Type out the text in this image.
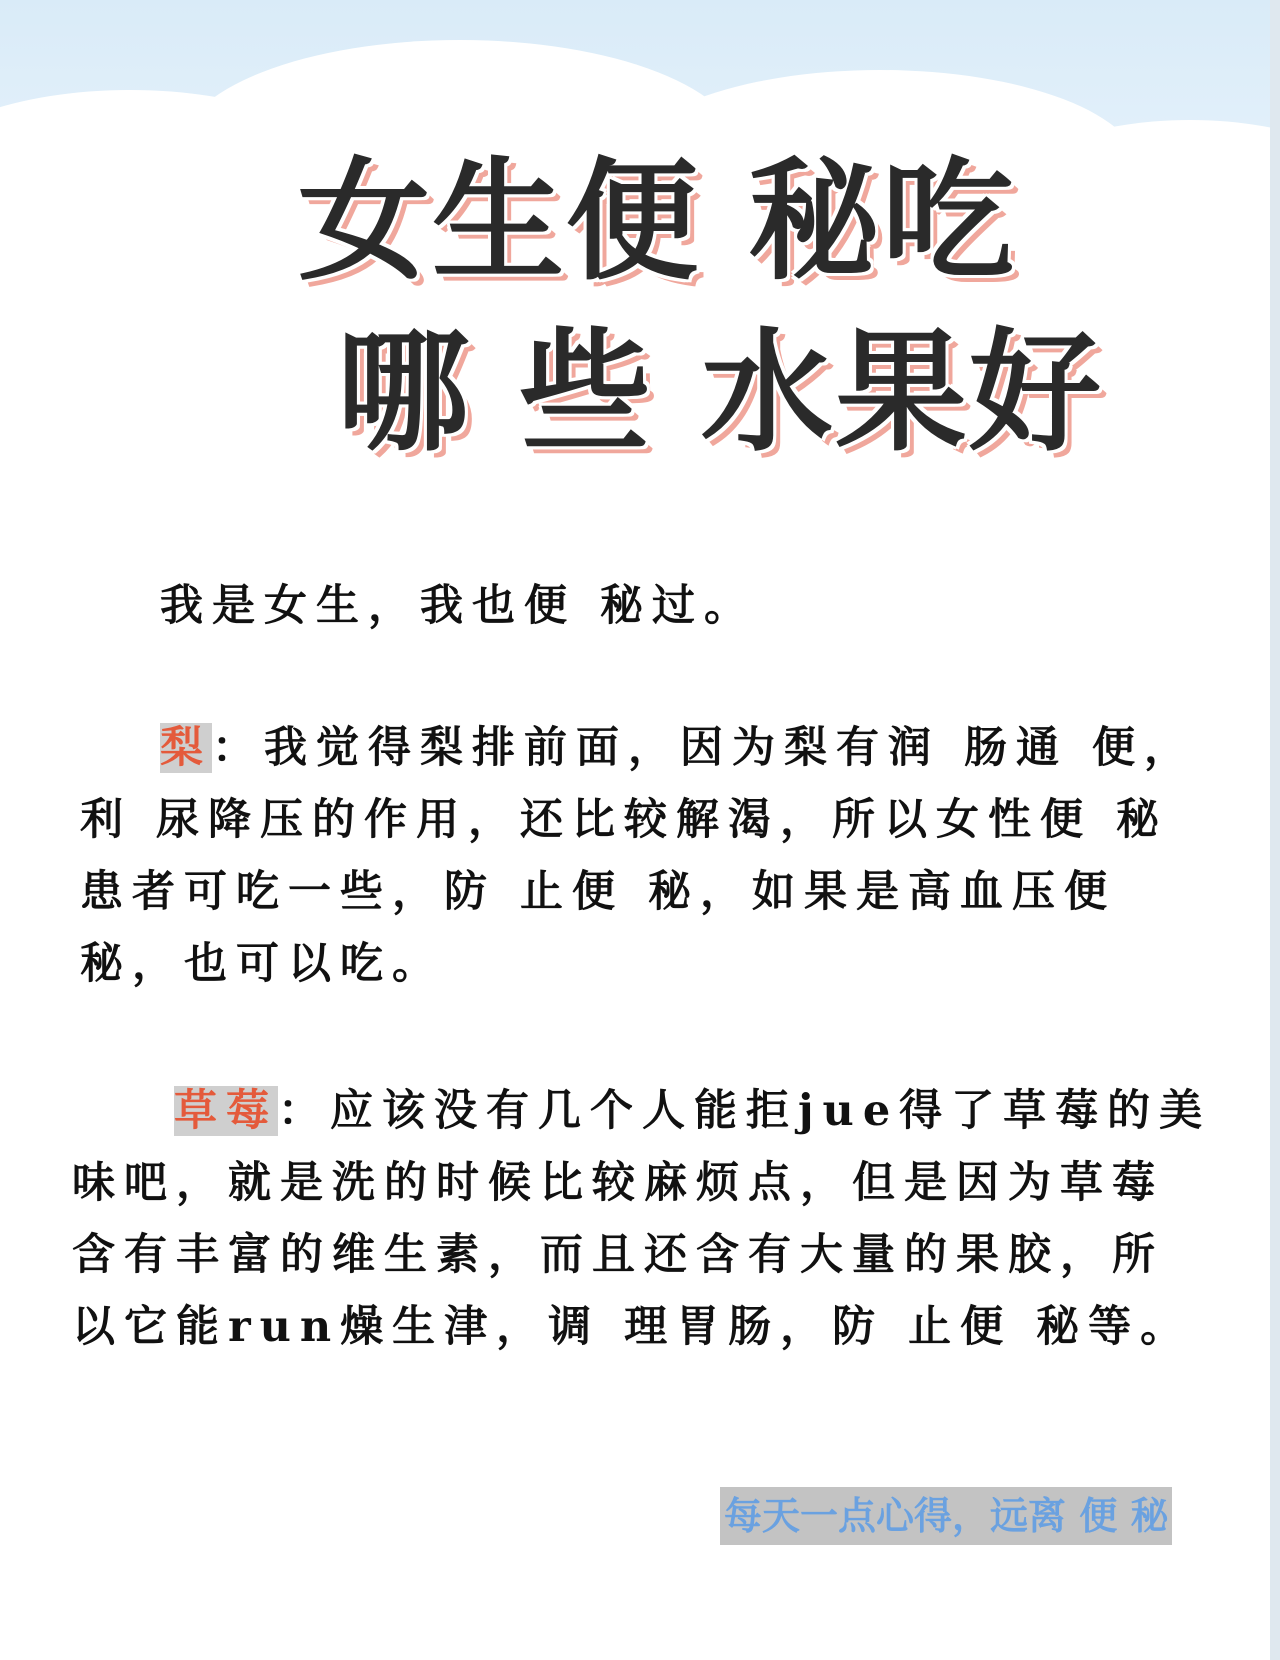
女生便 秘吃
哪 些 水果好
我是女生，我也便 秘过。
梨：我觉得梨排前面，因为梨有润 肠通 便，
利 尿降压的作用，还比较解渴，所以女性便 秘
患者可吃一些，防 止便 秘，如果是高血压便
秘，也可以吃。
草莓：应该没有几个人能拒jue得了草莓的美
味吧，就是洗的时候比较麻烦点，但是因为草莓
含有丰富的维生素，而且还含有大量的果胶，所
以它能run燥生津，调 理胃肠，防 止便 秘等。
每天一点心得，远离 便 秘
